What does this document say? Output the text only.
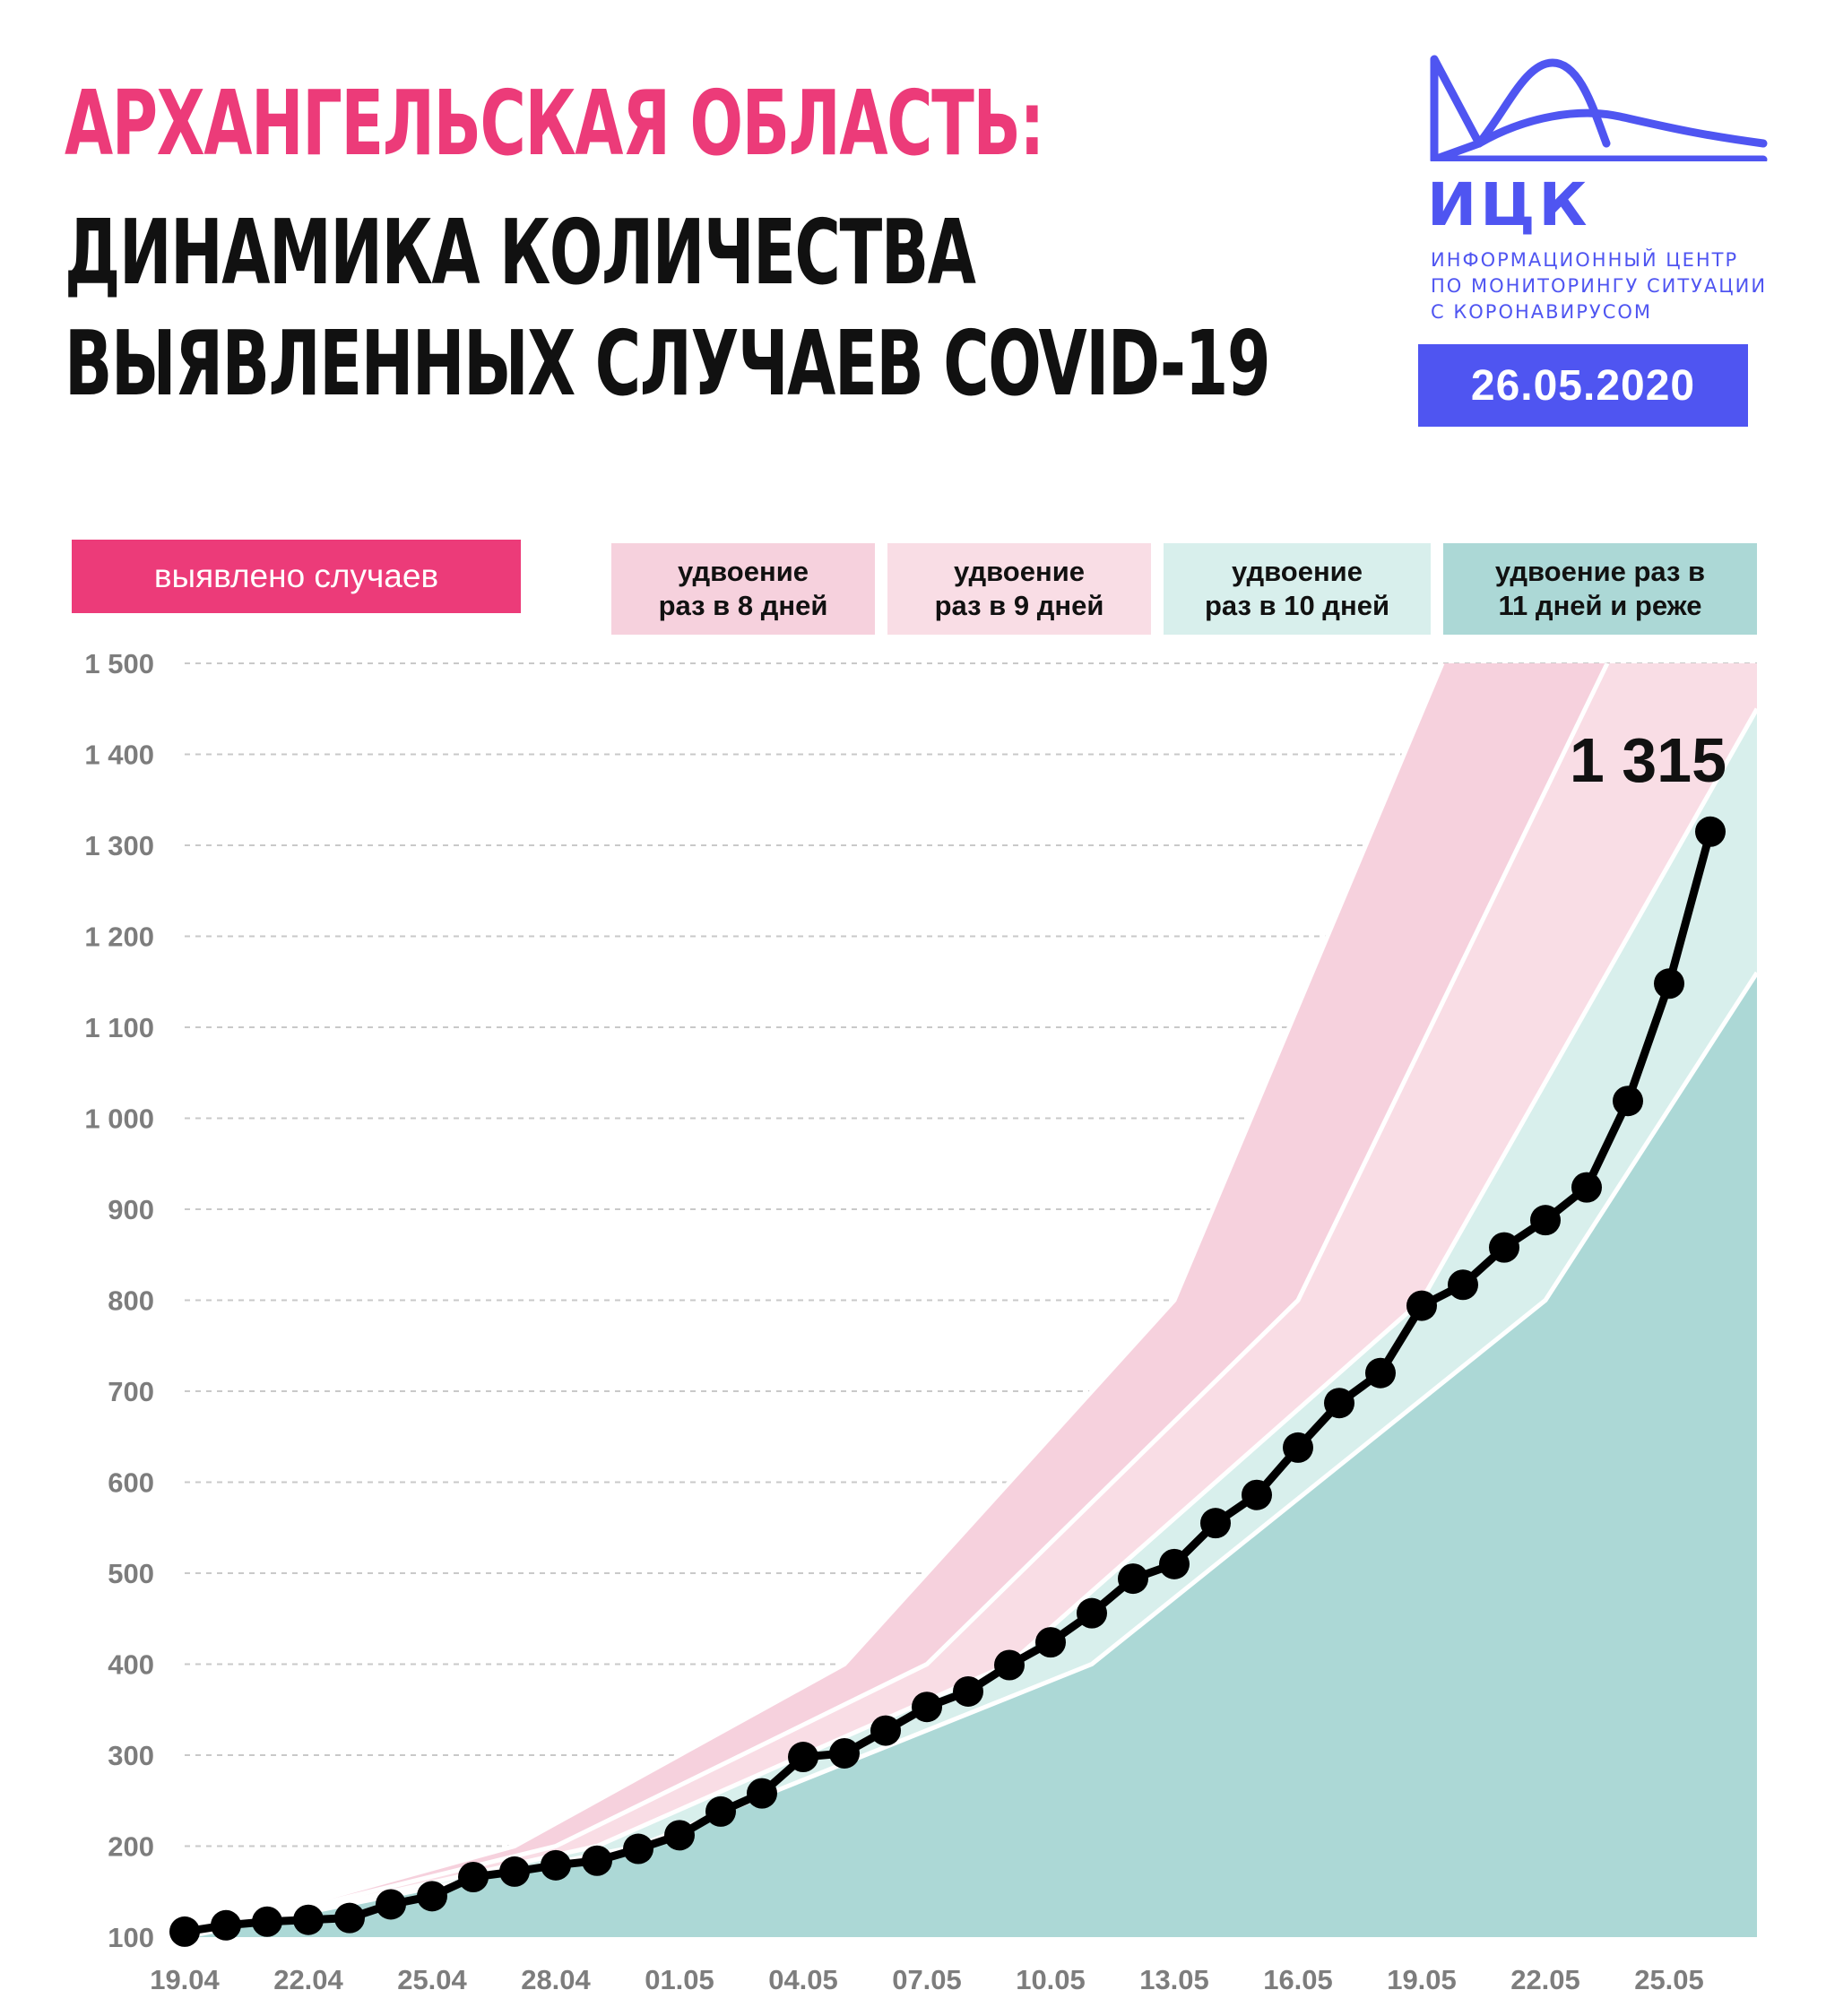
АРХАНГЕЛЬСКАЯ ОБЛАСТЬ:
ДИНАМИКА КОЛИЧЕСТВА
ВЫЯВЛЕННЫХ СЛУЧАЕВ COVID-19
ИЦК
ИНФОРМАЦИОННЫЙ ЦЕНТР
ПО МОНИТОРИНГУ СИТУАЦИИ
С КОРОНАВИРУСОМ
26.05.2020
выявлено случаев	удвоение
раз в 8 дней
удвоение
раз в 9 дней
удвоение
раз в 10 дней
удвоение раз в
11 дней и реже
100
200
300
400
500
600
700
800
900
1 000
1 100
1 200
1 300
1 400
1 500
19.04 22.04 25.04 28.04 01.05 04.05 07.05 10.05 13.05 16.05 19.05 22.05 25.05
1 315
